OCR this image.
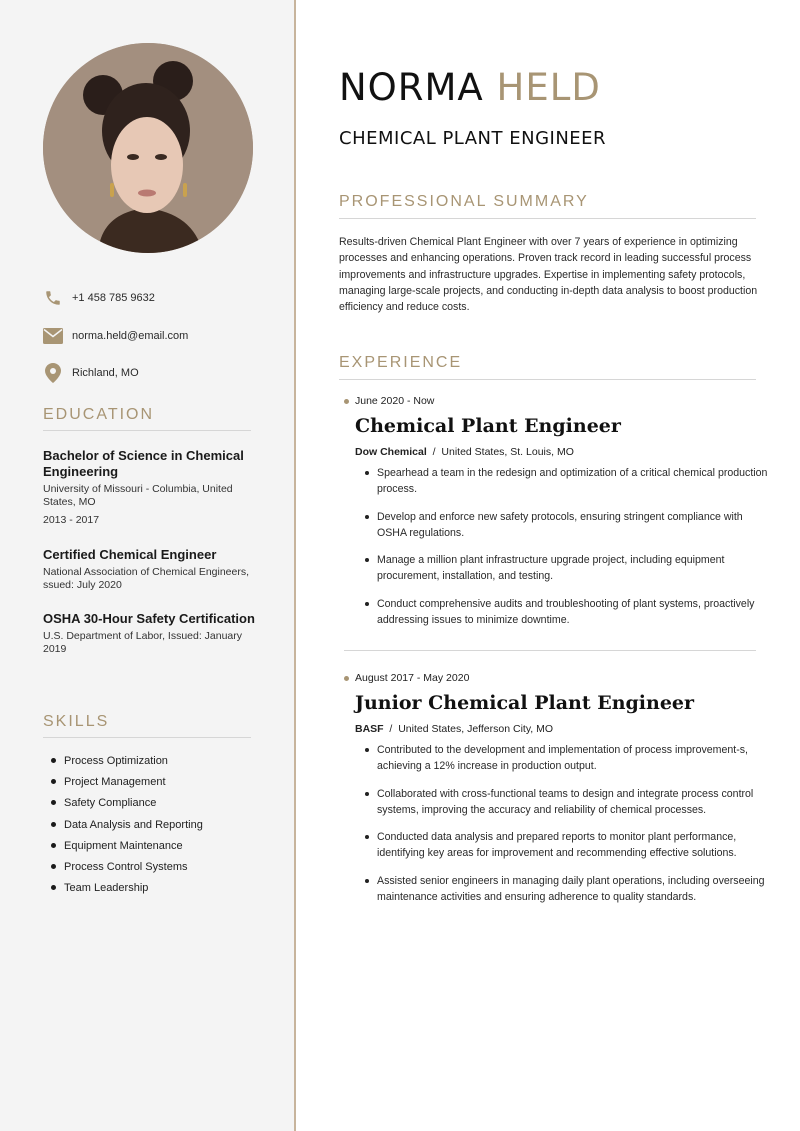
+1 458 785 9632
norma.held@email.com
Richland, MO
EDUCATION
Bachelor of Science in Chemical Engineering
University of Missouri - Columbia, United States, MO
2013 - 2017
Certified Chemical Engineer
National Association of Chemical Engineers, ssued: July 2020
OSHA 30-Hour Safety Certification
U.S. Department of Labor, Issued: January 2019
SKILLS
Process Optimization
Project Management
Safety Compliance
Data Analysis and Reporting
Equipment Maintenance
Process Control Systems
Team Leadership
NORMA HELD
CHEMICAL PLANT ENGINEER
PROFESSIONAL SUMMARY
Results-driven Chemical Plant Engineer with over 7 years of experience in optimizing processes and enhancing operations. Proven track record in leading successful process improvements and infrastructure upgrades. Expertise in implementing safety protocols, managing large-scale projects, and conducting in-depth data analysis to boost production efficiency and reduce costs.
EXPERIENCE
June 2020 - Now
Chemical Plant Engineer
Dow Chemical  /  United States, St. Louis, MO
Spearhead a team in the redesign and optimization of a critical chemical production process.
Develop and enforce new safety protocols, ensuring stringent compliance with OSHA regulations.
Manage a million plant infrastructure upgrade project, including equipment procurement, installation, and testing.
Conduct comprehensive audits and troubleshooting of plant systems, proactively addressing issues to minimize downtime.
August 2017 - May 2020
Junior Chemical Plant Engineer
BASF  /  United States, Jefferson City, MO
Contributed to the development and implementation of process improvement-s, achieving a 12% increase in production output.
Collaborated with cross-functional teams to design and integrate process control systems, improving the accuracy and reliability of chemical processes.
Conducted data analysis and prepared reports to monitor plant performance, identifying key areas for improvement and recommending effective solutions.
Assisted senior engineers in managing daily plant operations, including overseeing maintenance activities and ensuring adherence to quality standards.
